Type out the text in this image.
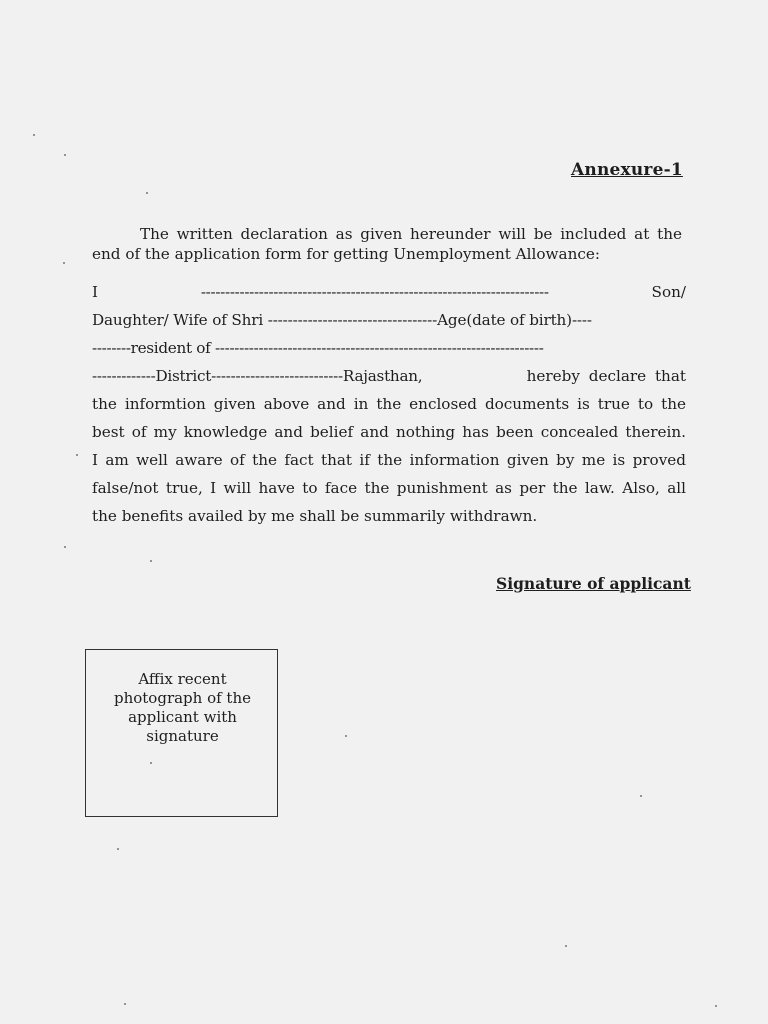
Annexure-1
The written declaration as given hereunder will be included at the
end of the application form for getting Unemployment Allowance:
I	------------------------------------------------------------------------	Son/
Daughter/ Wife of Shri ----------------------------------Age(date of birth)----
--------resident of --------------------------------------------------------------------
-------------District---------------------------Rajasthan,	hereby declare that
the informtion given above and in the enclosed documents is true to the
best of my knowledge and belief and nothing has been concealed therein.
I am well aware of the fact that if the information given by me is proved
false/not true, I will have to face the punishment as per the law. Also, all
the benefits availed by me shall be summarily withdrawn.
Signature of applicant
Affix recent
photograph of the
applicant with
signature
